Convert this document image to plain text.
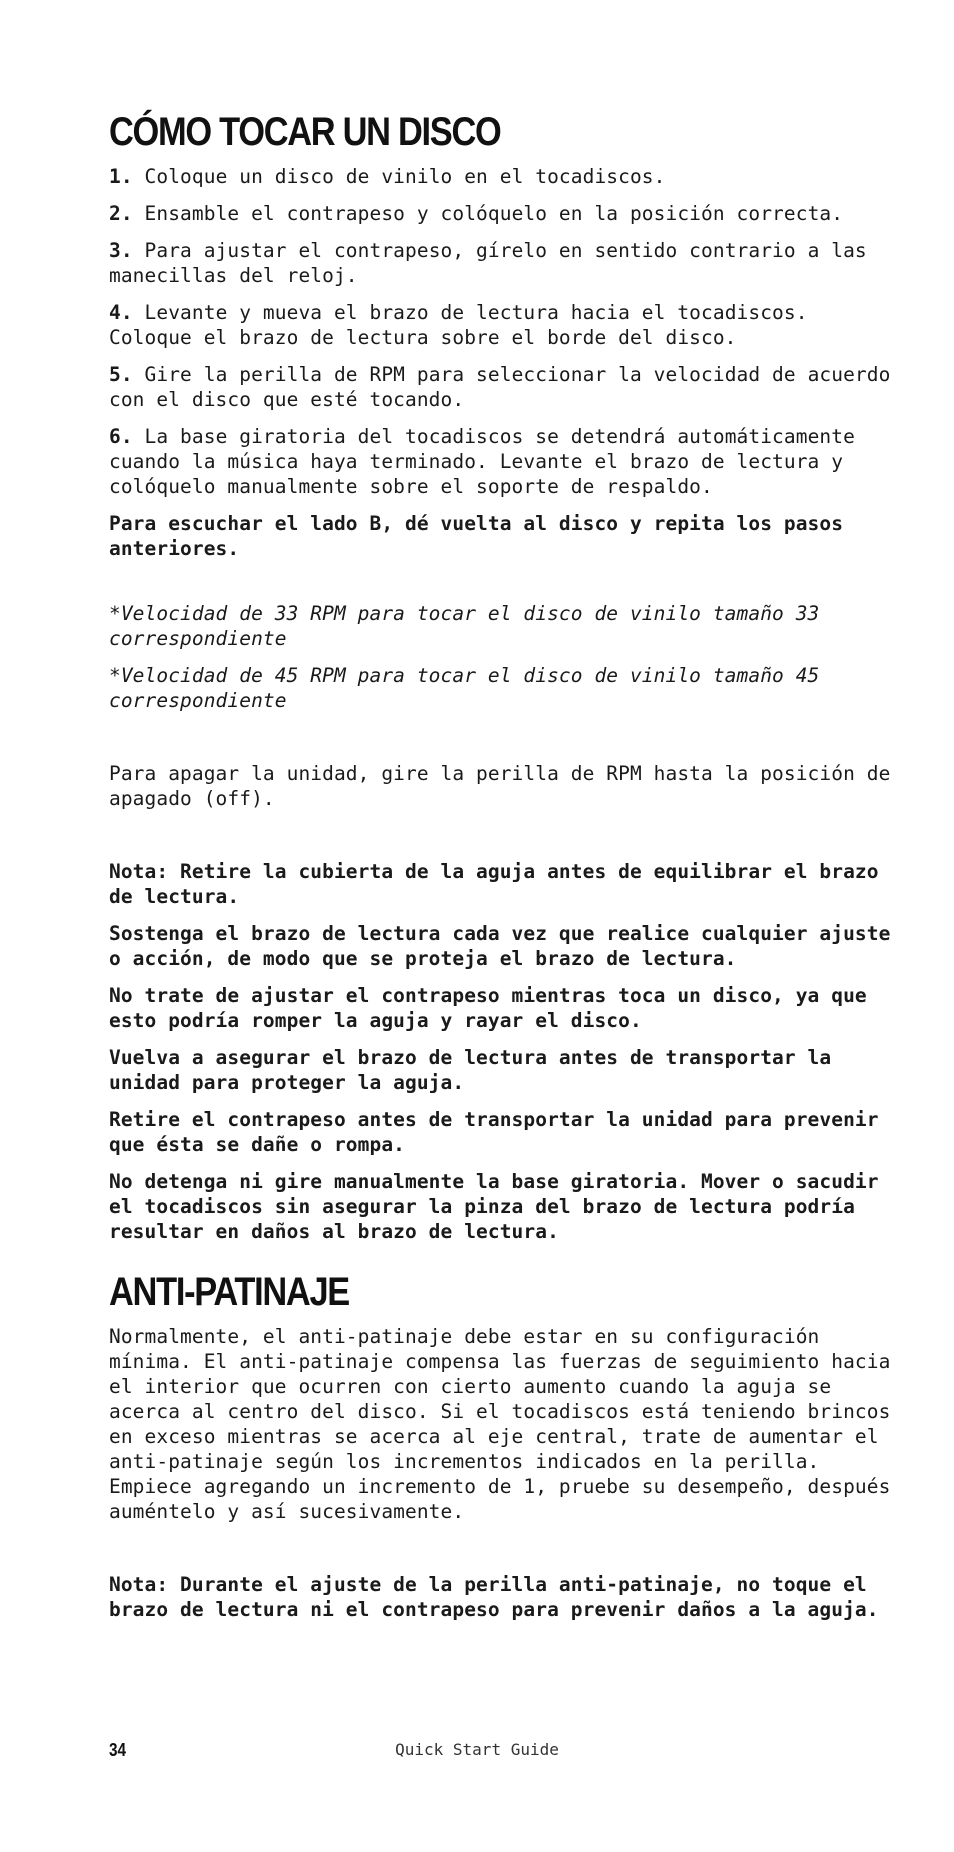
CÓMO TOCAR UN DISCO

1. Coloque un disco de vinilo en el tocadiscos.

2. Ensamble el contrapeso y colóquelo en la posición correcta.

3. Para ajustar el contrapeso, gírelo en sentido contrario a las manecillas del reloj.

4. Levante y mueva el brazo de lectura hacia el tocadiscos. Coloque el brazo de lectura sobre el borde del disco.

5. Gire la perilla de RPM para seleccionar la velocidad de acuerdo con el disco que esté tocando.

6. La base giratoria del tocadiscos se detendrá automáticamente cuando la música haya terminado. Levante el brazo de lectura y colóquelo manualmente sobre el soporte de respaldo.

Para escuchar el lado B, dé vuelta al disco y repita los pasos anteriores.

*Velocidad de 33 RPM para tocar el disco de vinilo tamaño 33 correspondiente

*Velocidad de 45 RPM para tocar el disco de vinilo tamaño 45 correspondiente

Para apagar la unidad, gire la perilla de RPM hasta la posición de apagado (off).

Nota: Retire la cubierta de la aguja antes de equilibrar el brazo de lectura.

Sostenga el brazo de lectura cada vez que realice cualquier ajuste o acción, de modo que se proteja el brazo de lectura.

No trate de ajustar el contrapeso mientras toca un disco, ya que esto podría romper la aguja y rayar el disco.

Vuelva a asegurar el brazo de lectura antes de transportar la unidad para proteger la aguja.

Retire el contrapeso antes de transportar la unidad para prevenir que ésta se dañe o rompa.

No detenga ni gire manualmente la base giratoria. Mover o sacudir el tocadiscos sin asegurar la pinza del brazo de lectura podría resultar en daños al brazo de lectura.

ANTI-PATINAJE

Normalmente, el anti-patinaje debe estar en su configuración mínima. El anti-patinaje compensa las fuerzas de seguimiento hacia el interior que ocurren con cierto aumento cuando la aguja se acerca al centro del disco. Si el tocadiscos está teniendo brincos en exceso mientras se acerca al eje central, trate de aumentar el anti-patinaje según los incrementos indicados en la perilla. Empiece agregando un incremento de 1, pruebe su desempeño, después auméntelo y así sucesivamente.

Nota: Durante el ajuste de la perilla anti-patinaje, no toque el brazo de lectura ni el contrapeso para prevenir daños a la aguja.

34	Quick Start Guide
